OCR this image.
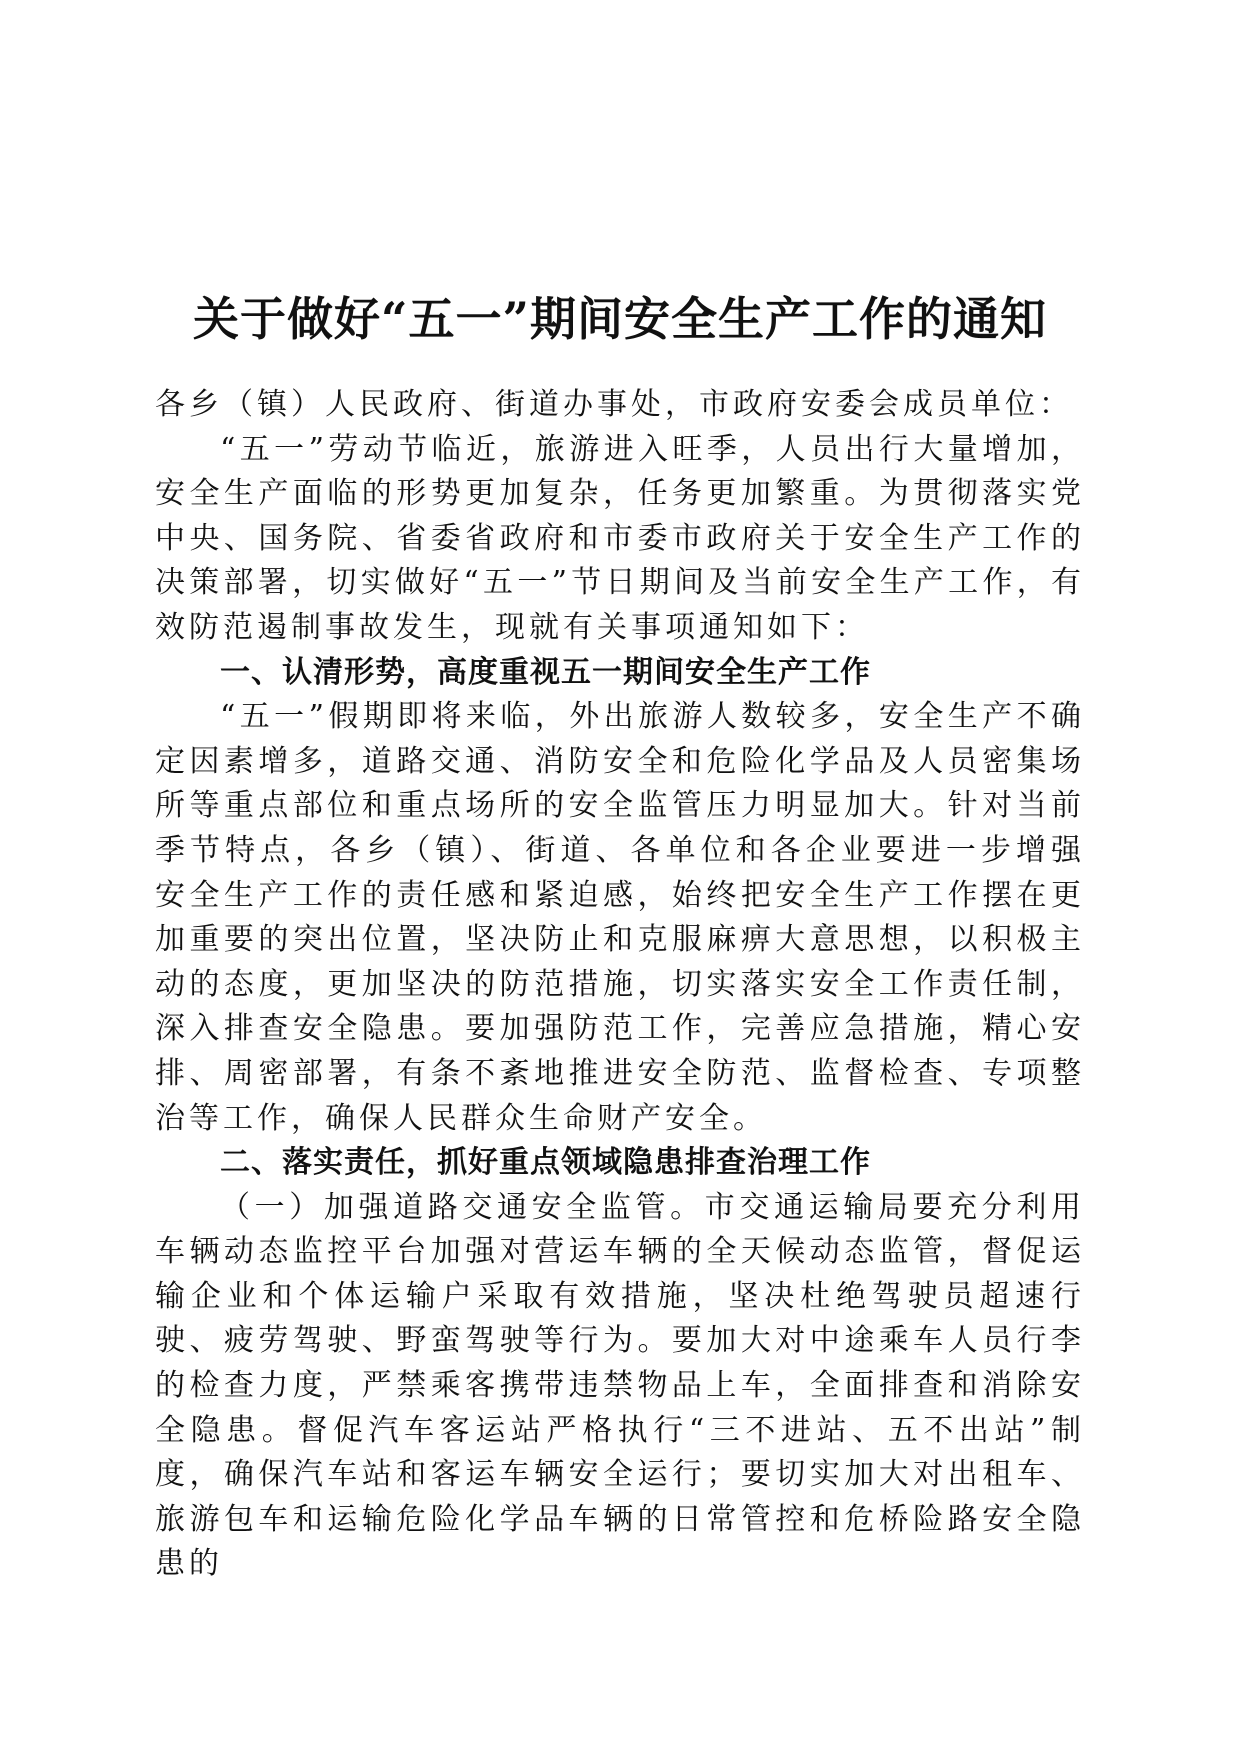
关于做好“五一”期间安全生产工作的通知

各乡（镇）人民政府、街道办事处，市政府安委会成员单位：

“五一”劳动节临近，旅游进入旺季，人员出行大量增加，安全生产面临的形势更加复杂，任务更加繁重。为贯彻落实党中央、国务院、省委省政府和市委市政府关于安全生产工作的决策部署，切实做好“五一”节日期间及当前安全生产工作，有效防范遏制事故发生，现就有关事项通知如下：

一、认清形势，高度重视五一期间安全生产工作

“五一”假期即将来临，外出旅游人数较多，安全生产不确定因素增多，道路交通、消防安全和危险化学品及人员密集场所等重点部位和重点场所的安全监管压力明显加大。针对当前季节特点，各乡（镇）、街道、各单位和各企业要进一步增强安全生产工作的责任感和紧迫感，始终把安全生产工作摆在更加重要的突出位置，坚决防止和克服麻痹大意思想，以积极主动的态度，更加坚决的防范措施，切实落实安全工作责任制，深入排查安全隐患。要加强防范工作，完善应急措施，精心安排、周密部署，有条不紊地推进安全防范、监督检查、专项整治等工作，确保人民群众生命财产安全。

二、落实责任，抓好重点领域隐患排查治理工作

（一）加强道路交通安全监管。市交通运输局要充分利用车辆动态监控平台加强对营运车辆的全天候动态监管，督促运输企业和个体运输户采取有效措施，坚决杜绝驾驶员超速行驶、疲劳驾驶、野蛮驾驶等行为。要加大对中途乘车人员行李的检查力度，严禁乘客携带违禁物品上车，全面排查和消除安全隐患。督促汽车客运站严格执行“三不进站、五不出站”制度，确保汽车站和客运车辆安全运行；要切实加大对出租车、旅游包车和运输危险化学品车辆的日常管控和危桥险路安全隐患的
